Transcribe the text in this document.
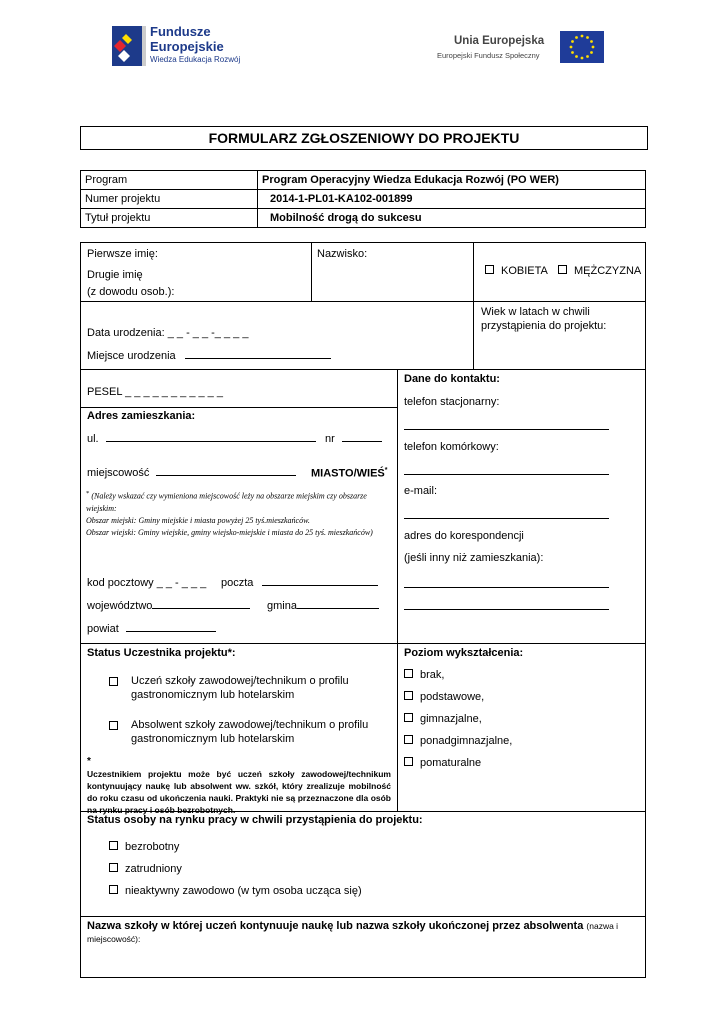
Fundusze
Europejskie
Wiedza Edukacja Rozwój
Unia Europejska
Europejski Fundusz Społeczny
FORMULARZ ZGŁOSZENIOWY DO PROJEKTU
Program	Program Operacyjny Wiedza Edukacja Rozwój (PO WER)
Numer projektu	2014-1-PL01-KA102-001899
Tytuł projektu	Mobilność drogą do sukcesu
Pierwsze imię:
Drugie imię
(z dowodu osob.):
Nazwisko:
KOBIETA	MĘŻCZYZNA
Data urodzenia: _ _ - _ _ -_ _ _ _
Miejsce urodzenia
Wiek w latach w chwili przystąpienia do projektu:
PESEL _ _ _ _ _ _ _ _ _ _ _
Adres zamieszkania:
ul.	nr
miejscowość	MIASTO/WIEŚ*
* (Należy wskazać czy wymieniona miejscowość leży na obszarze miejskim czy obszarze wiejskim:
Obszar miejski: Gminy miejskie i miasta powyżej 25 tyś.mieszkańców.
Obszar wiejski: Gminy wiejskie, gminy wiejsko-miejskie i miasta do 25 tyś. mieszkańców)
kod pocztowy _ _ - _ _ _ poczta
województwo	gmina
powiat
Dane do kontaktu:
telefon stacjonarny:
telefon komórkowy:
e-mail:
adres do korespondencji
(jeśli inny niż zamieszkania):
Status Uczestnika projektu*:
Uczeń szkoły zawodowej/technikum o profilu gastronomicznym lub hotelarskim
Absolwent szkoły zawodowej/technikum o profilu gastronomicznym lub hotelarskim
*
Uczestnikiem projektu może być uczeń szkoły zawodowej/technikum kontynuujący naukę lub absolwent ww. szkół, który zrealizuje mobilność do roku czasu od ukończenia nauki. Praktyki nie są przeznaczone dla osób na rynku pracy i osób bezrobotnych.
Poziom wykształcenia:
brak,
podstawowe,
gimnazjalne,
ponadgimnazjalne,
pomaturalne
Status osoby na rynku pracy w chwili przystąpienia do projektu:
bezrobotny
zatrudniony
nieaktywny zawodowo (w tym osoba ucząca się)
Nazwa szkoły w której uczeń kontynuuje naukę lub nazwa szkoły ukończonej przez absolwenta (nazwa i miejscowość):
